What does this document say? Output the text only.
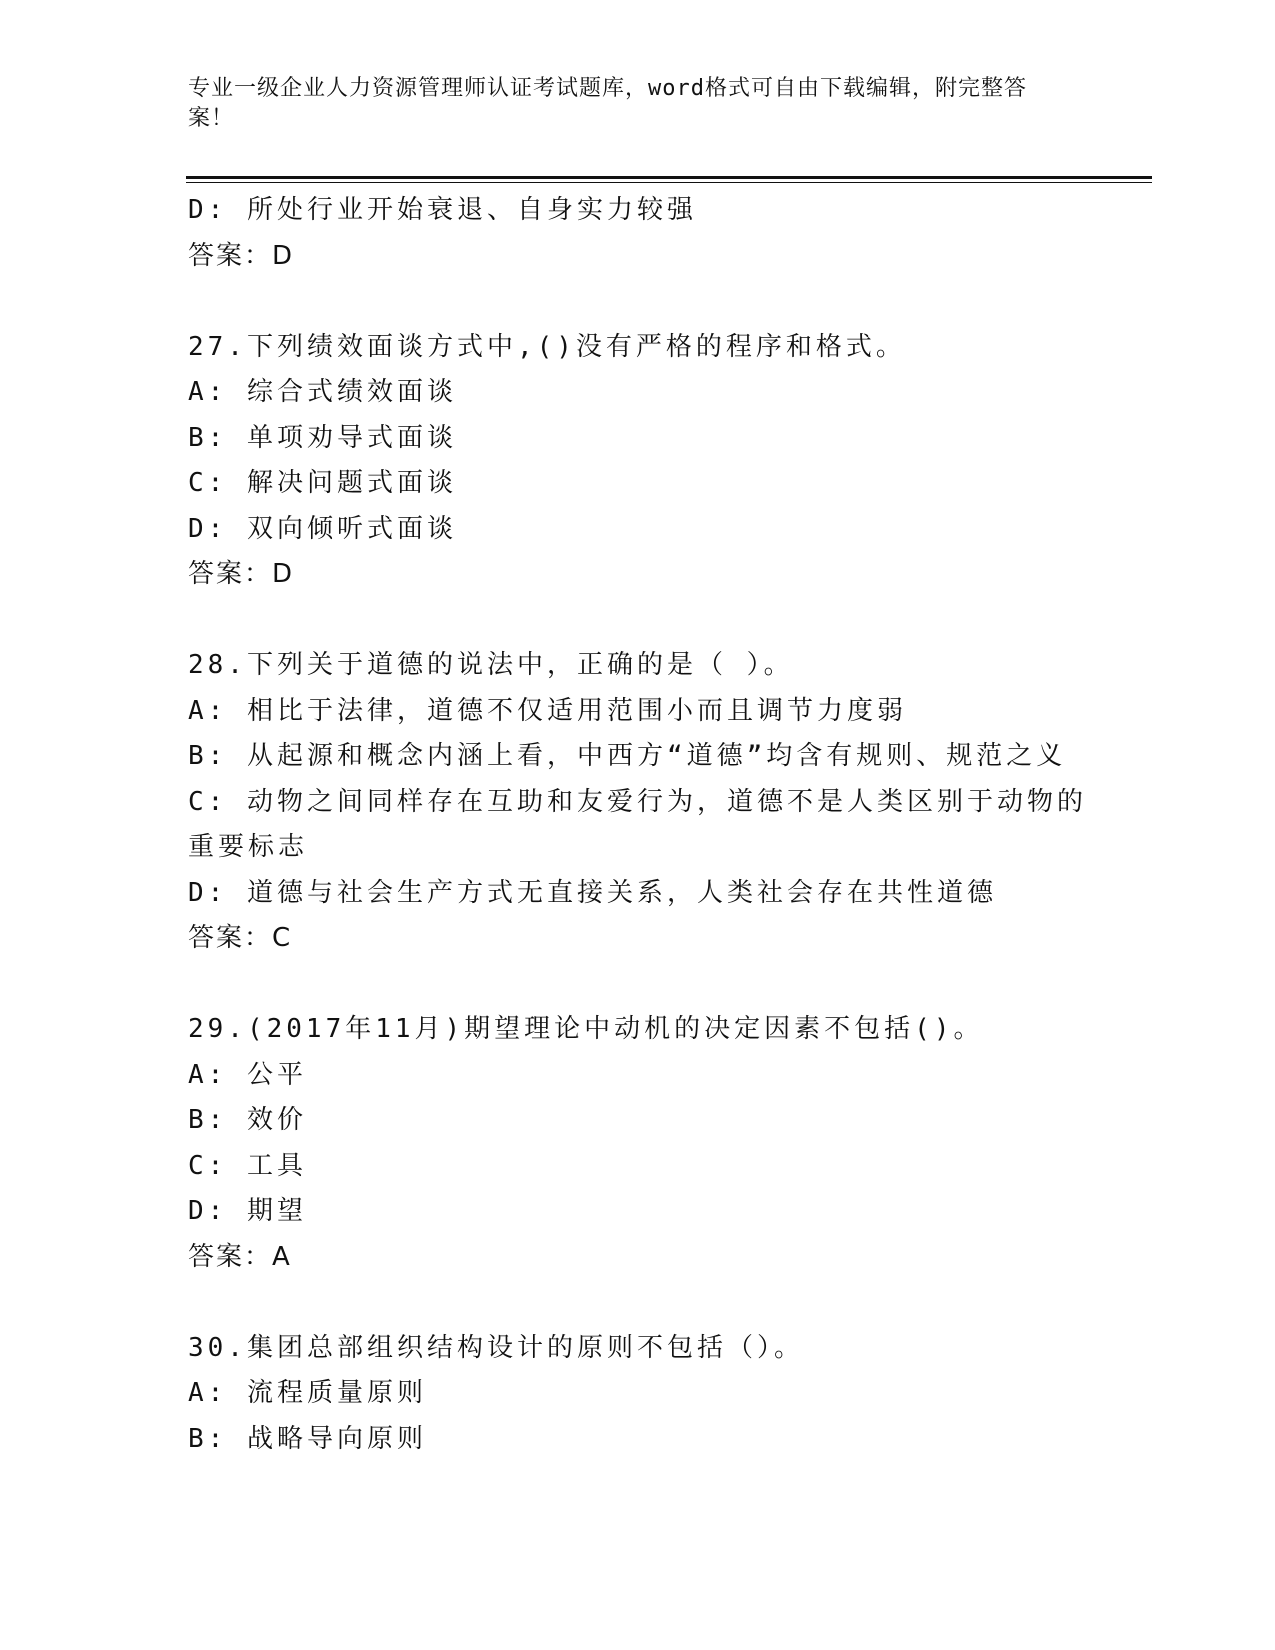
专业一级企业人力资源管理师认证考试题库，word格式可自由下载编辑，附完整答案！
D: 所处行业开始衰退、自身实力较强
答案：D
27.下列绩效面谈方式中,()没有严格的程序和格式。
A: 综合式绩效面谈
B: 单项劝导式面谈
C: 解决问题式面谈
D: 双向倾听式面谈
答案：D
28.下列关于道德的说法中，正确的是（ ）。
A: 相比于法律，道德不仅适用范围小而且调节力度弱
B: 从起源和概念内涵上看，中西方“道德”均含有规则、规范之义
C: 动物之间同样存在互助和友爱行为，道德不是人类区别于动物的重要标志
D: 道德与社会生产方式无直接关系，人类社会存在共性道德
答案：C
29.(2017年11月)期望理论中动机的决定因素不包括()。
A: 公平
B: 效价
C: 工具
D: 期望
答案：A
30.集团总部组织结构设计的原则不包括（）。
A: 流程质量原则
B: 战略导向原则
